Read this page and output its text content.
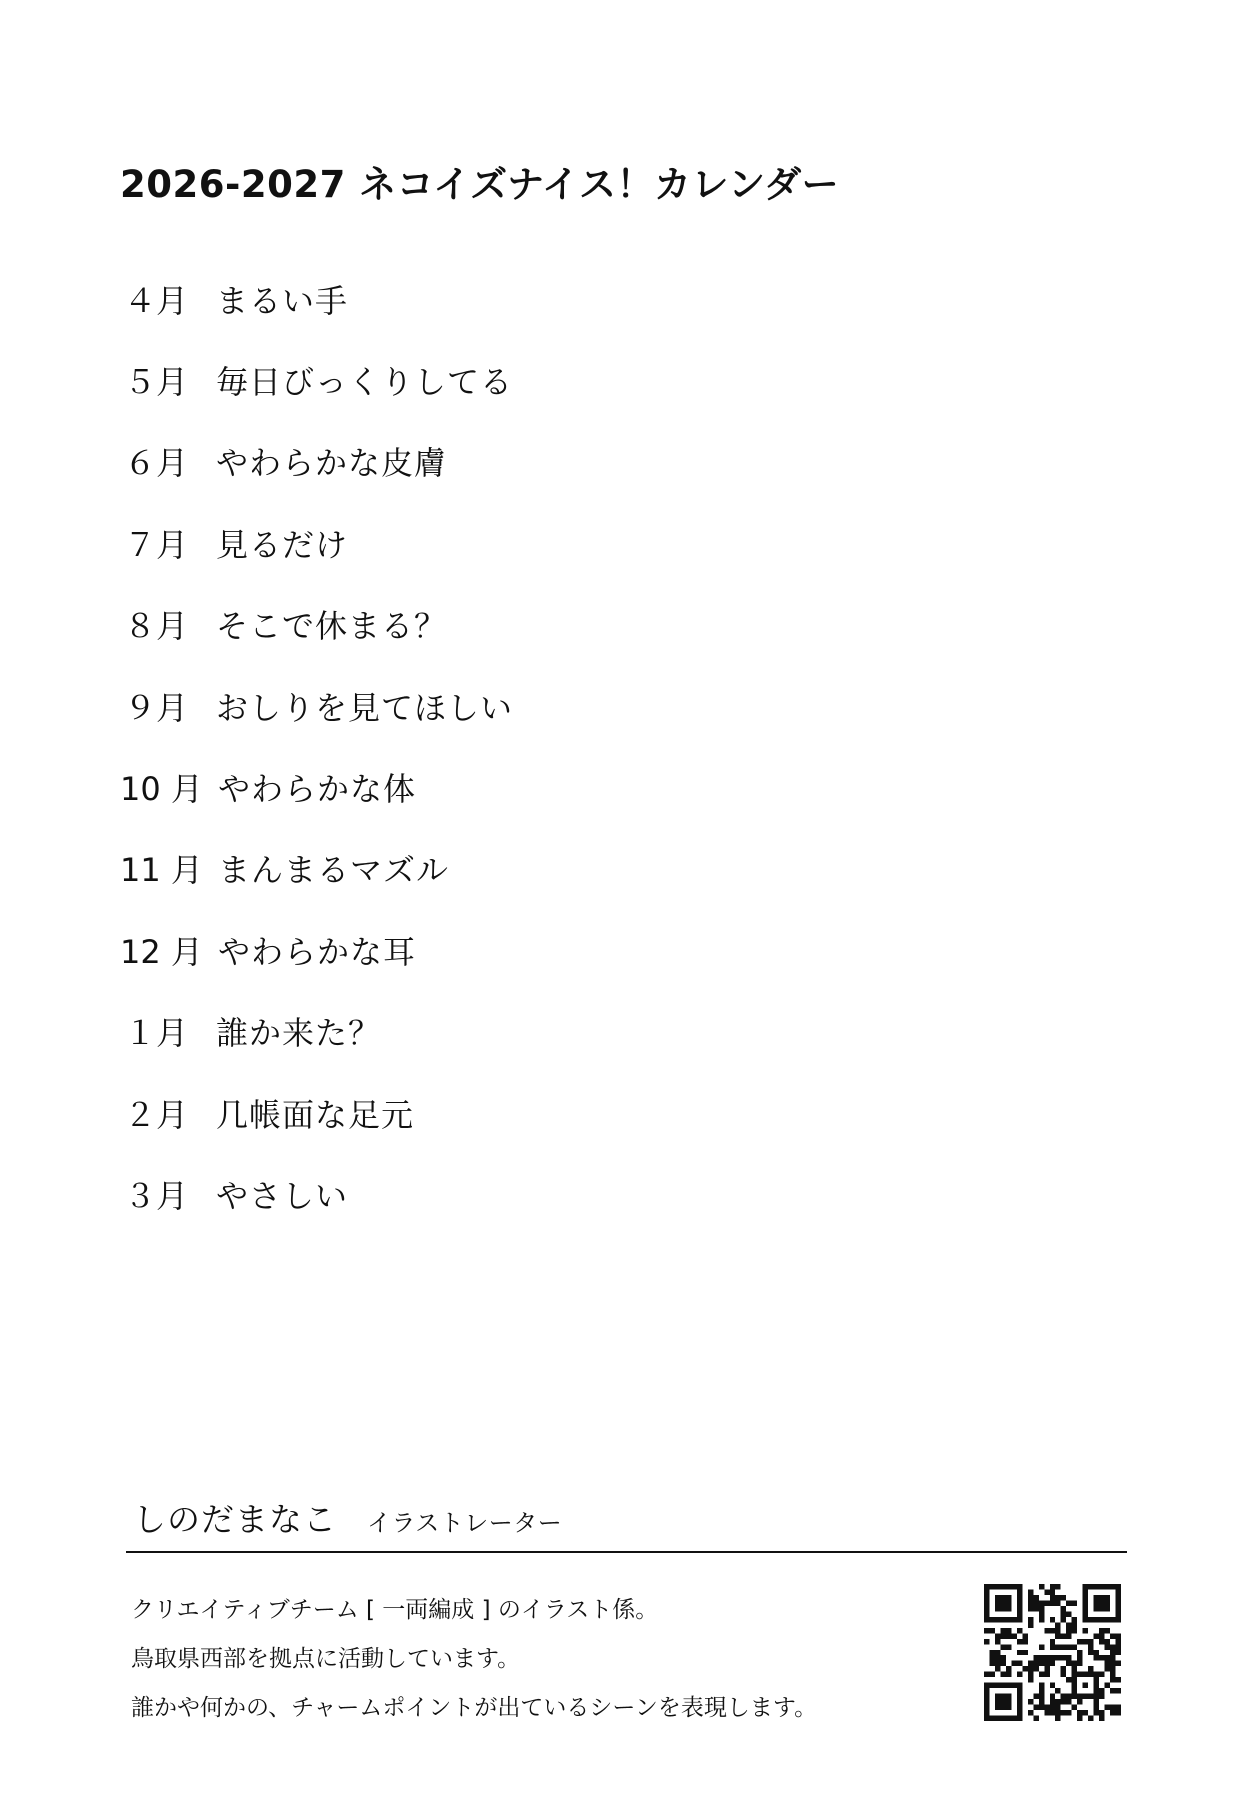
2026-2027 ネコイズナイス！カレンダー
４月 まるい手
５月 毎日びっくりしてる
６月 やわらかな皮膚
７月 見るだけ
８月 そこで休まる？
９月 おしりを見てほしい
10 月 やわらかな体
11 月 まんまるマズル
12 月 やわらかな耳
１月 誰か来た？
２月 几帳面な足元
３月 やさしい
しのだまなこ イラストレーター
クリエイティブチーム [ 一両編成 ] のイラスト係。
鳥取県西部を拠点に活動しています。
誰かや何かの、チャームポイントが出ているシーンを表現します。
